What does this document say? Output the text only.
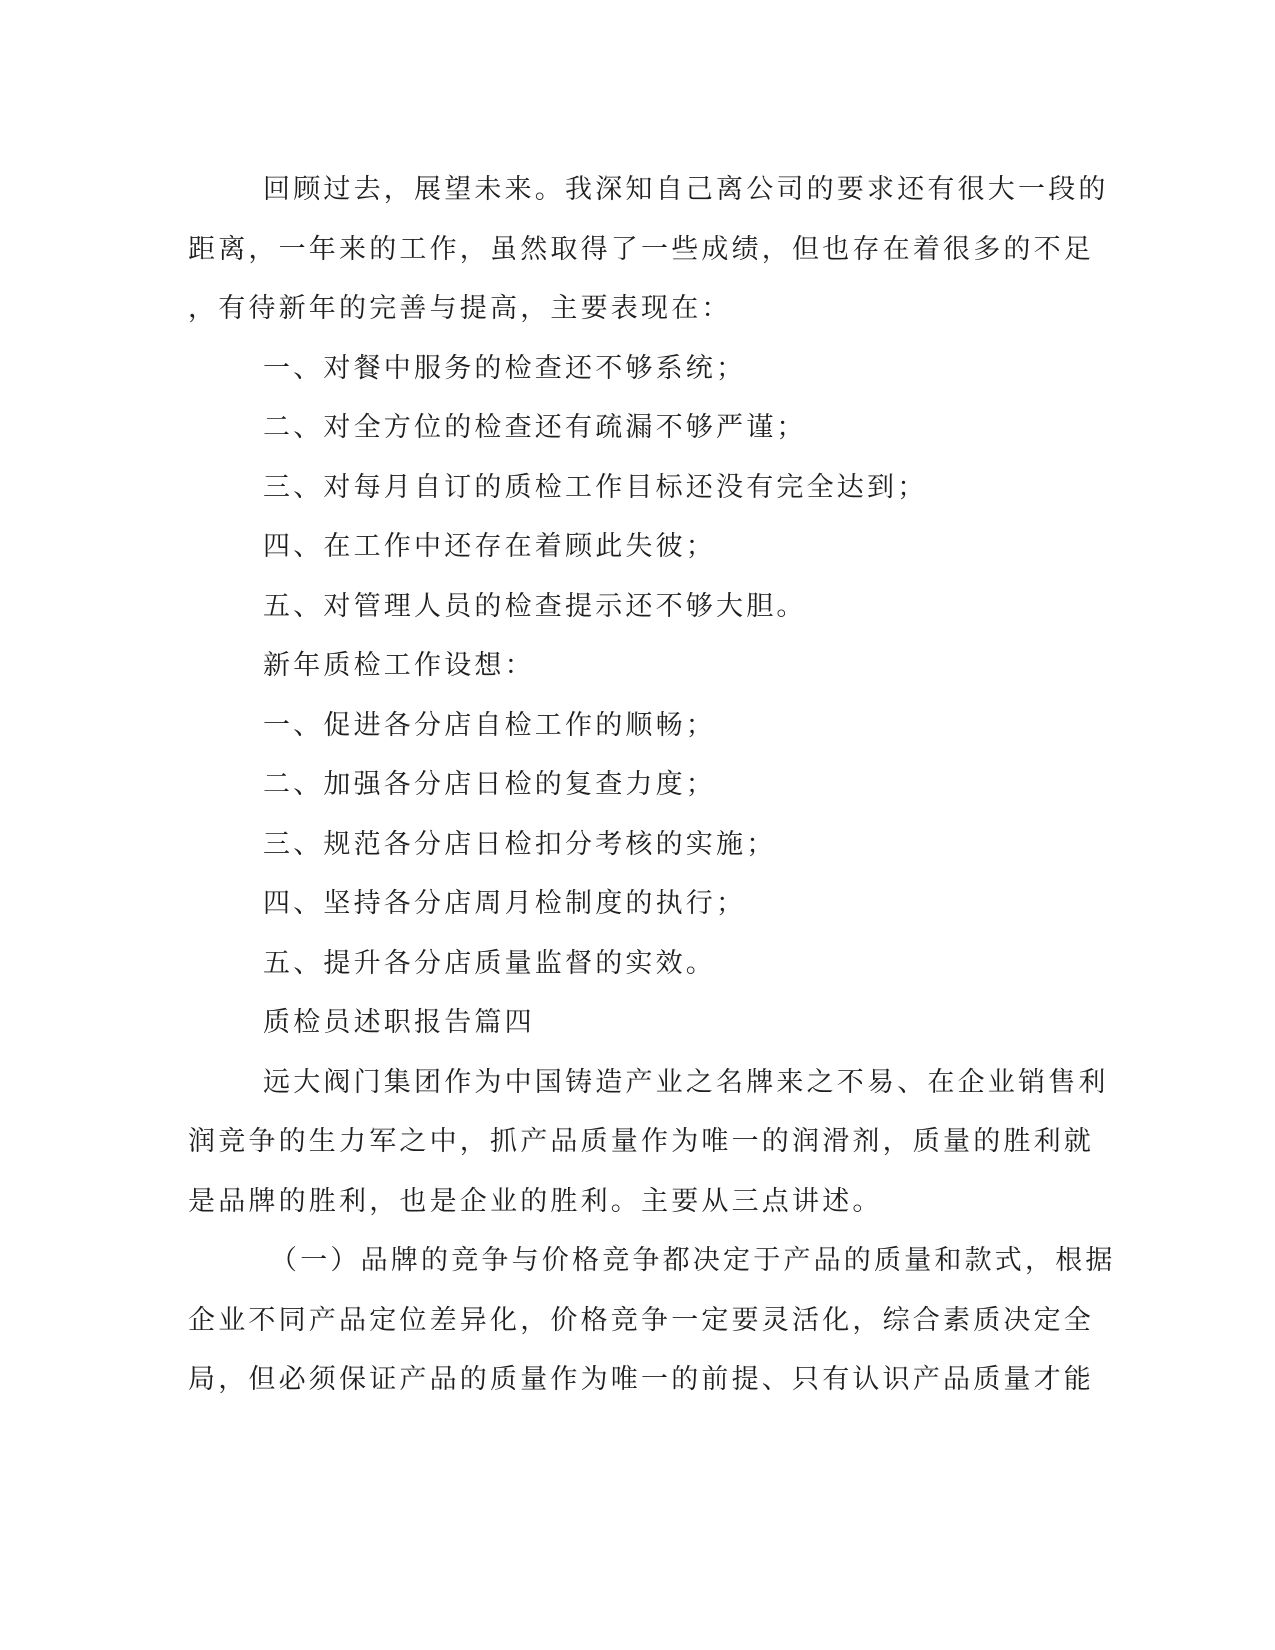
回顾过去，展望未来。我深知自己离公司的要求还有很大一段的
距离，一年来的工作，虽然取得了一些成绩，但也存在着很多的不足
，有待新年的完善与提高，主要表现在：
一、对餐中服务的检查还不够系统；
二、对全方位的检查还有疏漏不够严谨；
三、对每月自订的质检工作目标还没有完全达到；
四、在工作中还存在着顾此失彼；
五、对管理人员的检查提示还不够大胆。
新年质检工作设想：
一、促进各分店自检工作的顺畅；
二、加强各分店日检的复查力度；
三、规范各分店日检扣分考核的实施；
四、坚持各分店周月检制度的执行；
五、提升各分店质量监督的实效。
质检员述职报告篇四
远大阀门集团作为中国铸造产业之名牌来之不易、在企业销售利
润竞争的生力军之中，抓产品质量作为唯一的润滑剂，质量的胜利就
是品牌的胜利，也是企业的胜利。主要从三点讲述。
（一）品牌的竞争与价格竞争都决定于产品的质量和款式，根据
企业不同产品定位差异化，价格竞争一定要灵活化，综合素质决定全
局，但必须保证产品的质量作为唯一的前提、只有认识产品质量才能
